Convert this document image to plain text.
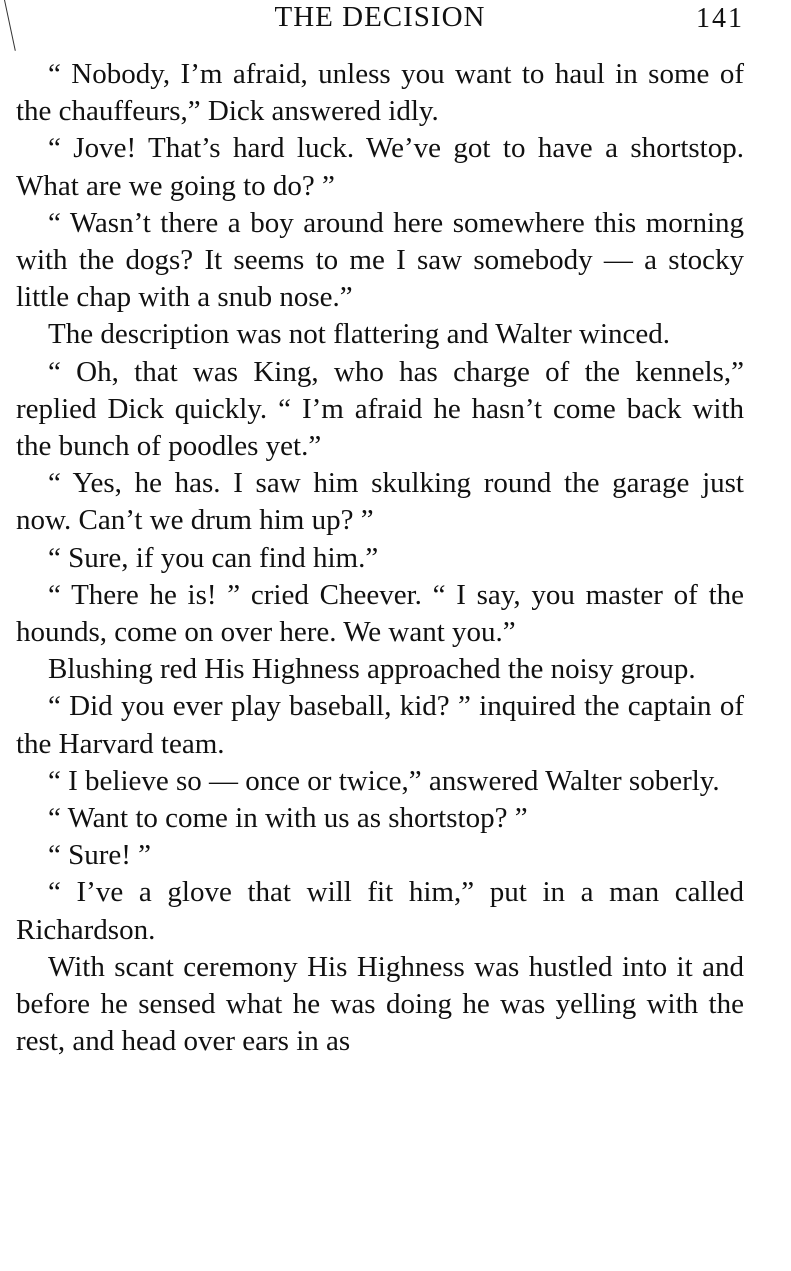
THE DECISION	141

“ Nobody, I’m afraid, unless you want to haul in some of the chauffeurs,” Dick answered idly.

“ Jove! That’s hard luck. We’ve got to have a shortstop. What are we going to do? ”

“ Wasn’t there a boy around here somewhere this morning with the dogs? It seems to me I saw somebody — a stocky little chap with a snub nose.”

The description was not flattering and Walter winced.

“ Oh, that was King, who has charge of the kennels,” replied Dick quickly. “ I’m afraid he hasn’t come back with the bunch of poodles yet.”

“ Yes, he has. I saw him skulking round the garage just now. Can’t we drum him up? ”

“ Sure, if you can find him.”

“ There he is! ” cried Cheever. “ I say, you master of the hounds, come on over here. We want you.”

Blushing red His Highness approached the noisy group.

“ Did you ever play baseball, kid? ” inquired the captain of the Harvard team.

“ I believe so — once or twice,” answered Walter soberly.

“ Want to come in with us as shortstop? ”

“ Sure! ”

“ I’ve a glove that will fit him,” put in a man called Richardson.

With scant ceremony His Highness was hustled into it and before he sensed what he was doing he was yelling with the rest, and head over ears in as
